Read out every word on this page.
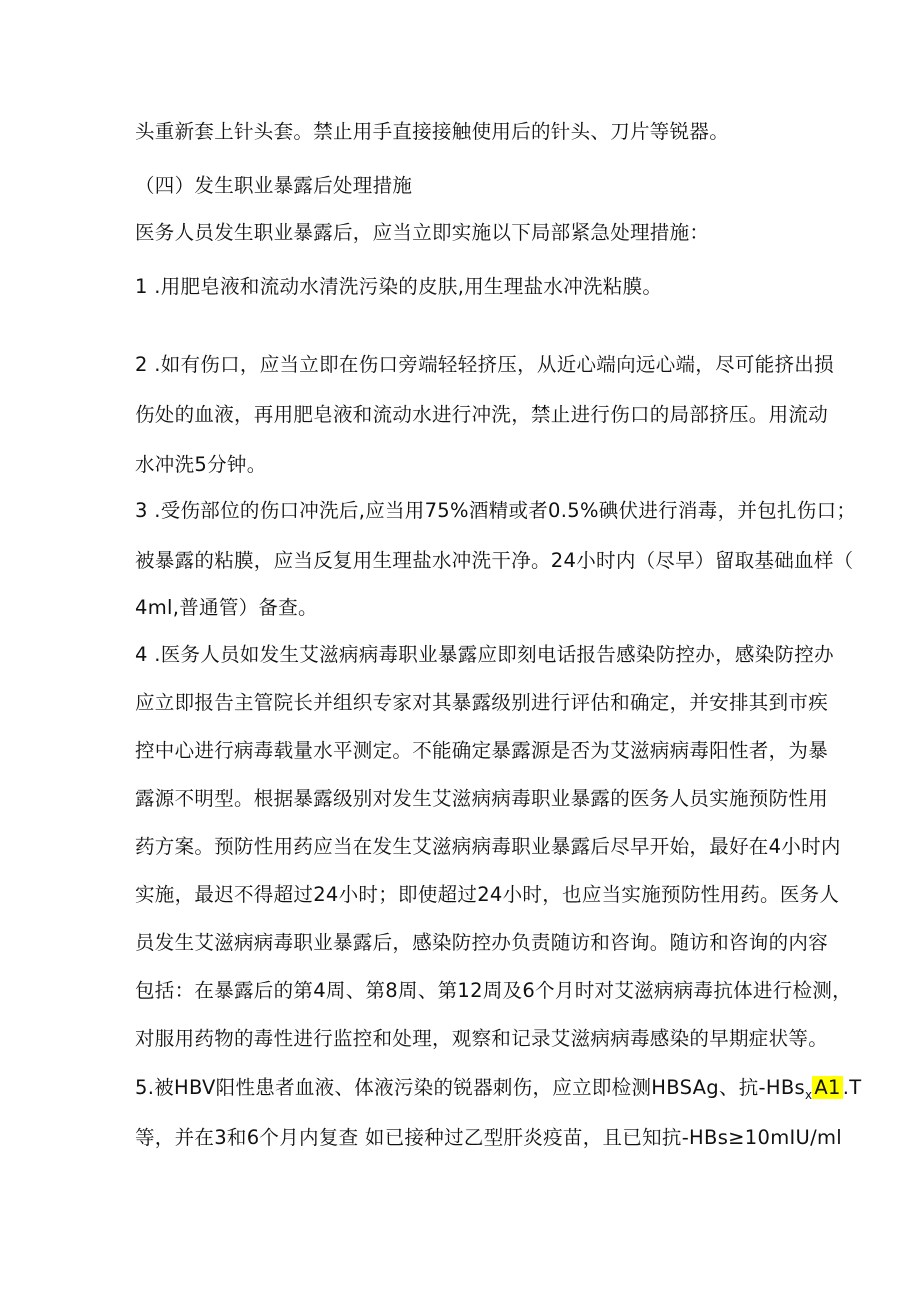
头重新套上针头套。禁止用手直接接触使用后的针头、刀片等锐器。
（四）发生职业暴露后处理措施
医务人员发生职业暴露后，应当立即实施以下局部紧急处理措施：
1 .用肥皂液和流动水清洗污染的皮肤,用生理盐水冲洗粘膜。
2 .如有伤口，应当立即在伤口旁端轻轻挤压，从近心端向远心端，尽可能挤出损
伤处的血液，再用肥皂液和流动水进行冲洗，禁止进行伤口的局部挤压。用流动
水冲洗5分钟。
3 .受伤部位的伤口冲洗后,应当用75%酒精或者0.5%碘伏进行消毒，并包扎伤口；
被暴露的粘膜，应当反复用生理盐水冲洗干净。24小时内（尽早）留取基础血样（
4ml,普通管）备查。
4 .医务人员如发生艾滋病病毒职业暴露应即刻电话报告感染防控办，感染防控办
应立即报告主管院长并组织专家对其暴露级别进行评估和确定，并安排其到市疾
控中心进行病毒载量水平测定。不能确定暴露源是否为艾滋病病毒阳性者，为暴
露源不明型。根据暴露级别对发生艾滋病病毒职业暴露的医务人员实施预防性用
药方案。预防性用药应当在发生艾滋病病毒职业暴露后尽早开始，最好在4小时内
实施，最迟不得超过24小时；即使超过24小时，也应当实施预防性用药。医务人
员发生艾滋病病毒职业暴露后，感染防控办负责随访和咨询。随访和咨询的内容
包括：在暴露后的第4周、第8周、第12周及6个月时对艾滋病病毒抗体进行检测，
对服用药物的毒性进行监控和处理，观察和记录艾滋病病毒感染的早期症状等。
5.被HBV阳性患者血液、体液污染的锐器刺伤，应立即检测HBSAg、抗-HBs$_x$ A1 .T
等，并在3和6个月内复查 如已接种过乙型肝炎疫苗，且已知抗-HBs≥10mIU/ml
